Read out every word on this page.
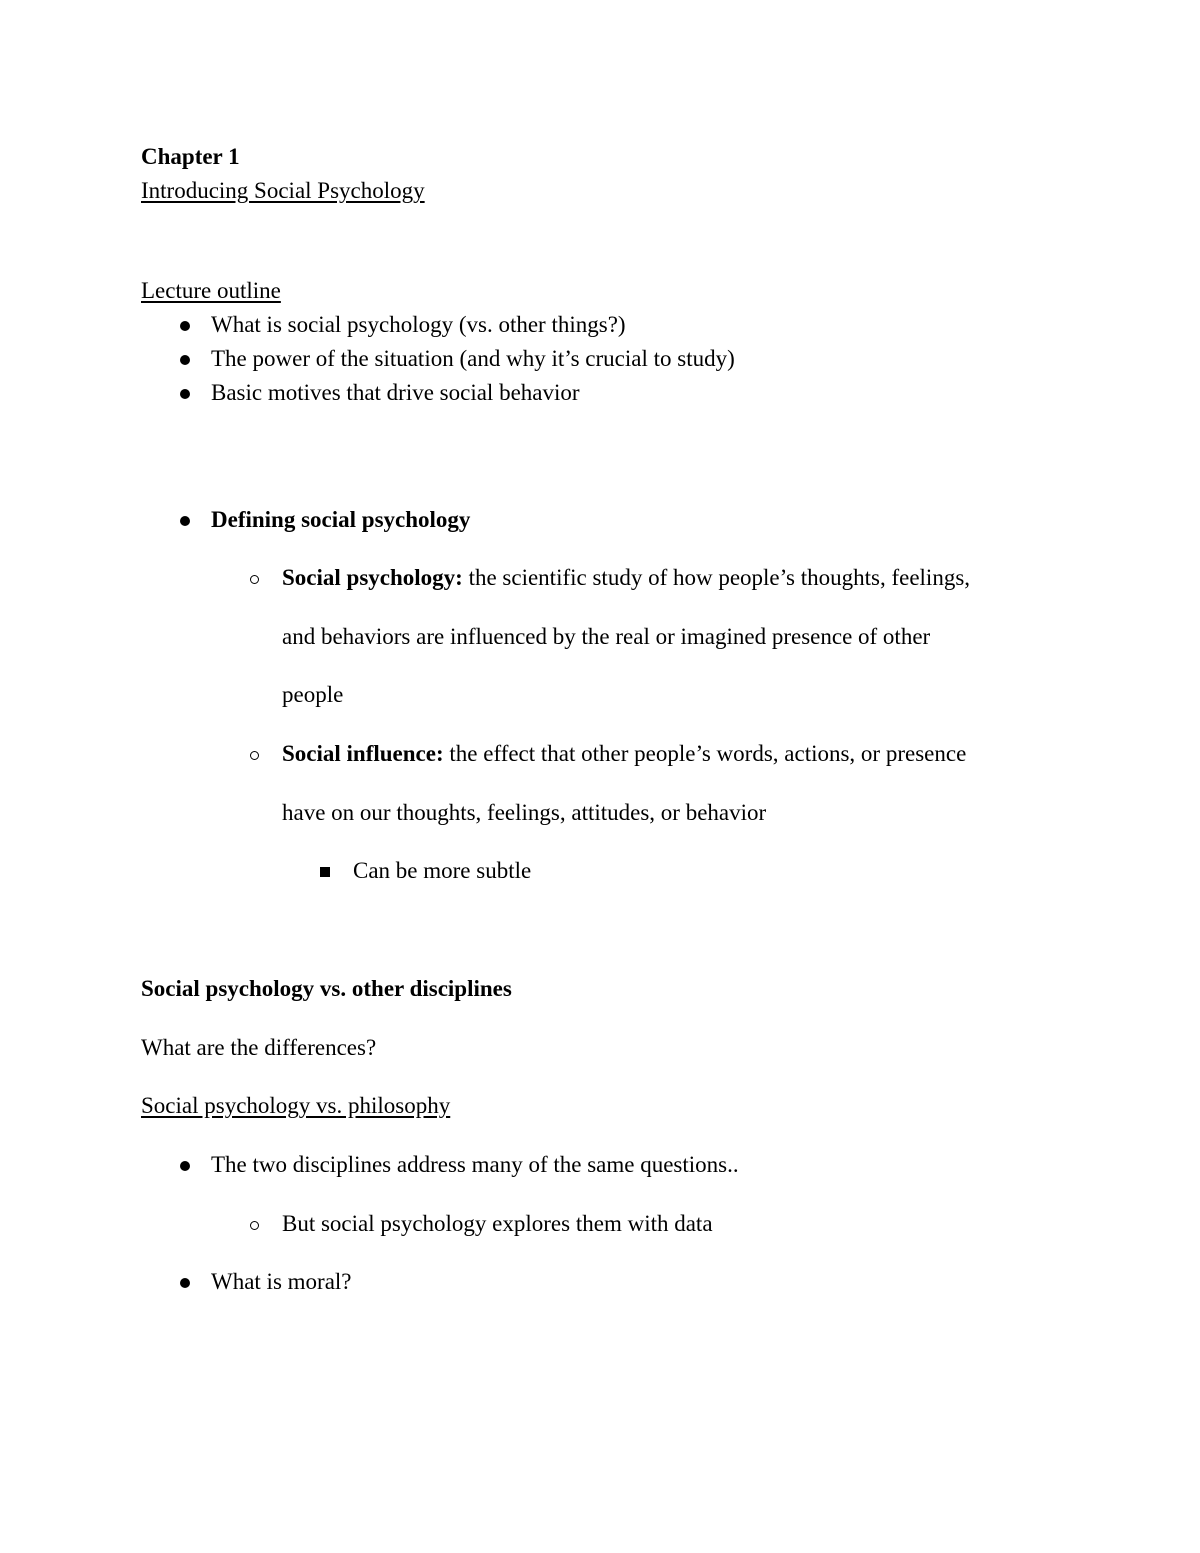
Chapter 1
Introducing Social Psychology
Lecture outline
What is social psychology (vs. other things?)
The power of the situation (and why it’s crucial to study)
Basic motives that drive social behavior
Defining social psychology
Social psychology: the scientific study of how people’s thoughts, feelings,
and behaviors are influenced by the real or imagined presence of other
people
Social influence: the effect that other people’s words, actions, or presence
have on our thoughts, feelings, attitudes, or behavior
Can be more subtle
Social psychology vs. other disciplines
What are the differences?
Social psychology vs. philosophy
The two disciplines address many of the same questions..
But social psychology explores them with data
What is moral?
